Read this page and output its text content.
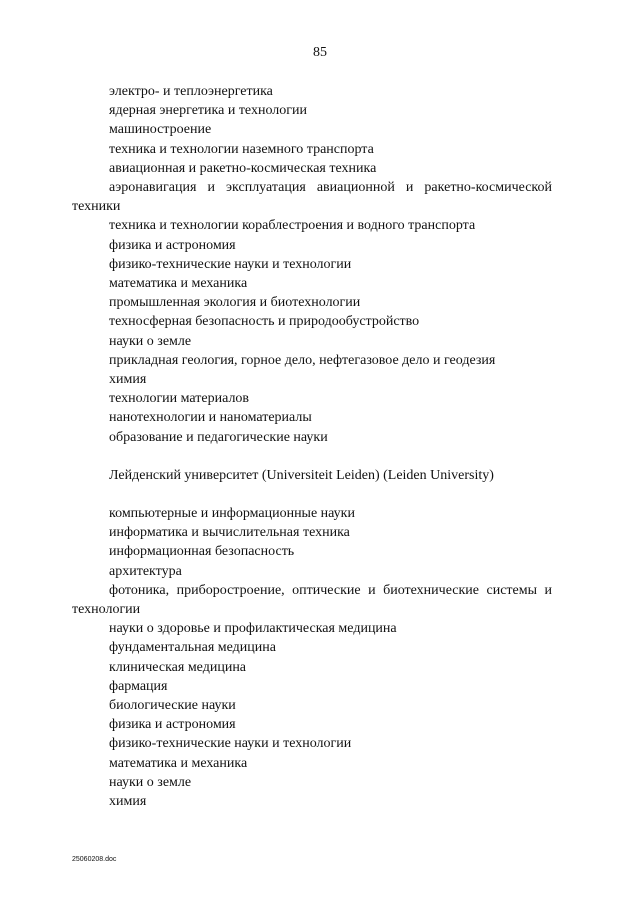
85
электро- и теплоэнергетика
ядерная энергетика и технологии
машиностроение
техника и технологии наземного транспорта
авиационная и ракетно-космическая техника
аэронавигация и эксплуатация авиационной и ракетно-космической техники
техника и технологии кораблестроения и водного транспорта
физика и астрономия
физико-технические науки и технологии
математика и механика
промышленная экология и биотехнологии
техносферная безопасность и природообустройство
науки о земле
прикладная геология, горное дело, нефтегазовое дело и геодезия
химия
технологии материалов
нанотехнологии и наноматериалы
образование и педагогические науки
Лейденский университет (Universiteit Leiden) (Leiden University)
компьютерные и информационные науки
информатика и вычислительная техника
информационная безопасность
архитектура
фотоника, приборостроение, оптические и биотехнические системы и технологии
науки о здоровье и профилактическая медицина
фундаментальная медицина
клиническая медицина
фармация
биологические науки
физика и астрономия
физико-технические науки и технологии
математика и механика
науки о земле
химия
25060208.doc
